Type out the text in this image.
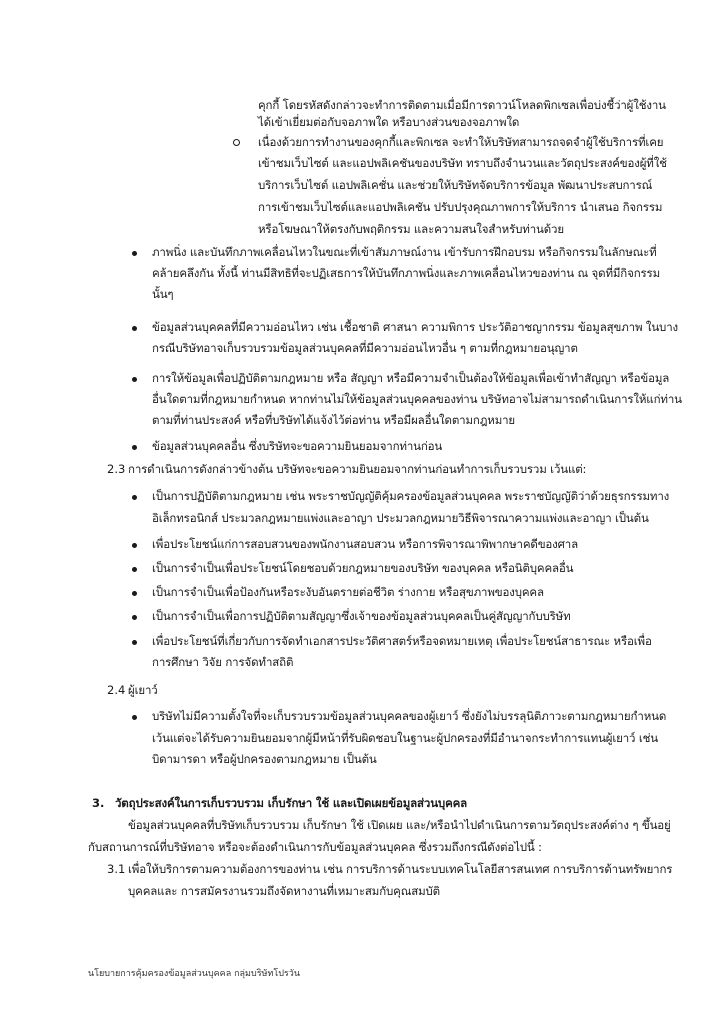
คุกกี้ โดยรหัสดังกล่าวจะทำการติดตามเมื่อมีการดาวน์โหลดพิกเซลเพื่อบ่งชี้ว่าผู้ใช้งาน
ได้เข้าเยี่ยมต่อกับจอภาพใด หรือบางส่วนของจอภาพใด
เนื่องด้วยการทำงานของคุกกี้และพิกเซล จะทำให้บริษัทสามารถจดจำผู้ใช้บริการที่เคย
เข้าชมเว็บไซต์ และแอปพลิเคชันของบริษัท ทราบถึงจำนวนและวัตถุประสงค์ของผู้ที่ใช้
บริการเว็บไซต์ แอปพลิเคชั่น และช่วยให้บริษัทจัดบริการข้อมูล พัฒนาประสบการณ์
การเข้าชมเว็บไซต์และแอปพลิเคชัน ปรับปรุงคุณภาพการให้บริการ นำเสนอ กิจกรรม
หรือโฆษณาให้ตรงกับพฤติกรรม และความสนใจสำหรับท่านด้วย
ภาพนิ่ง และบันทึกภาพเคลื่อนไหวในขณะที่เข้าสัมภาษณ์งาน เข้ารับการฝึกอบรม หรือกิจกรรมในลักษณะที่
คล้ายคลึงกัน ทั้งนี้ ท่านมีสิทธิที่จะปฏิเสธการให้บันทึกภาพนิ่งและภาพเคลื่อนไหวของท่าน ณ จุดที่มีกิจกรรม
นั้นๆ
ข้อมูลส่วนบุคคลที่มีความอ่อนไหว เช่น เชื้อชาติ ศาสนา ความพิการ ประวัติอาชญากรรม ข้อมูลสุขภาพ ในบาง
กรณีบริษัทอาจเก็บรวบรวมข้อมูลส่วนบุคคลที่มีความอ่อนไหวอื่น ๆ ตามที่กฎหมายอนุญาต
การให้ข้อมูลเพื่อปฏิบัติตามกฎหมาย หรือ สัญญา หรือมีความจำเป็นต้องให้ข้อมูลเพื่อเข้าทำสัญญา หรือข้อมูล
อื่นใดตามที่กฎหมายกำหนด หากท่านไม่ให้ข้อมูลส่วนบุคคลของท่าน บริษัทอาจไม่สามารถดำเนินการให้แก่ท่าน
ตามที่ท่านประสงค์ หรือที่บริษัทได้แจ้งไว้ต่อท่าน หรือมีผลอื่นใดตามกฎหมาย
ข้อมูลส่วนบุคคลอื่น ซึ่งบริษัทจะขอความยินยอมจากท่านก่อน
2.3 การดำเนินการดังกล่าวข้างต้น บริษัทจะขอความยินยอมจากท่านก่อนทำการเก็บรวบรวม เว้นแต่:
เป็นการปฏิบัติตามกฎหมาย เช่น พระราชบัญญัติคุ้มครองข้อมูลส่วนบุคคล พระราชบัญญัติว่าด้วยธุรกรรมทาง
อิเล็กทรอนิกส์ ประมวลกฎหมายแพ่งและอาญา ประมวลกฎหมายวิธีพิจารณาความแพ่งและอาญา เป็นต้น
เพื่อประโยชน์แก่การสอบสวนของพนักงานสอบสวน หรือการพิจารณาพิพากษาคดีของศาล
เป็นการจำเป็นเพื่อประโยชน์โดยชอบด้วยกฎหมายของบริษัท ของบุคคล หรือนิติบุคคลอื่น
เป็นการจำเป็นเพื่อป้องกันหรือระงับอันตรายต่อชีวิต ร่างกาย หรือสุขภาพของบุคคล
เป็นการจำเป็นเพื่อการปฏิบัติตามสัญญาซึ่งเจ้าของข้อมูลส่วนบุคคลเป็นคู่สัญญากับบริษัท
เพื่อประโยชน์ที่เกี่ยวกับการจัดทำเอกสารประวัติศาสตร์หรือจดหมายเหตุ เพื่อประโยชน์สาธารณะ หรือเพื่อ
การศึกษา วิจัย การจัดทำสถิติ
2.4 ผู้เยาว์
บริษัทไม่มีความตั้งใจที่จะเก็บรวบรวมข้อมูลส่วนบุคคลของผู้เยาว์ ซึ่งยังไม่บรรลุนิติภาวะตามกฎหมายกำหนด
เว้นแต่จะได้รับความยินยอมจากผู้มีหน้าที่รับผิดชอบในฐานะผู้ปกครองที่มีอำนาจกระทำการแทนผู้เยาว์ เช่น
บิดามารดา หรือผู้ปกครองตามกฎหมาย เป็นต้น
3. วัตถุประสงค์ในการเก็บรวบรวม เก็บรักษา ใช้ และเปิดเผยข้อมูลส่วนบุคคล
ข้อมูลส่วนบุคคลที่บริษัทเก็บรวบรวม เก็บรักษา ใช้ เปิดเผย และ/หรือนำไปดำเนินการตามวัตถุประสงค์ต่าง ๆ ขึ้นอยู่
กับสถานการณ์ที่บริษัทอาจ หรือจะต้องดำเนินการกับข้อมูลส่วนบุคคล ซึ่งรวมถึงกรณีดังต่อไปนี้ :
3.1 เพื่อให้บริการตามความต้องการของท่าน เช่น การบริการด้านระบบเทคโนโลยีสารสนเทศ การบริการด้านทรัพยากร
บุคคลและ การสมัครงานรวมถึงจัดหางานที่เหมาะสมกับคุณสมบัติ
นโยบายการคุ้มครองข้อมูลส่วนบุคคล กลุ่มบริษัทโปรวัน
